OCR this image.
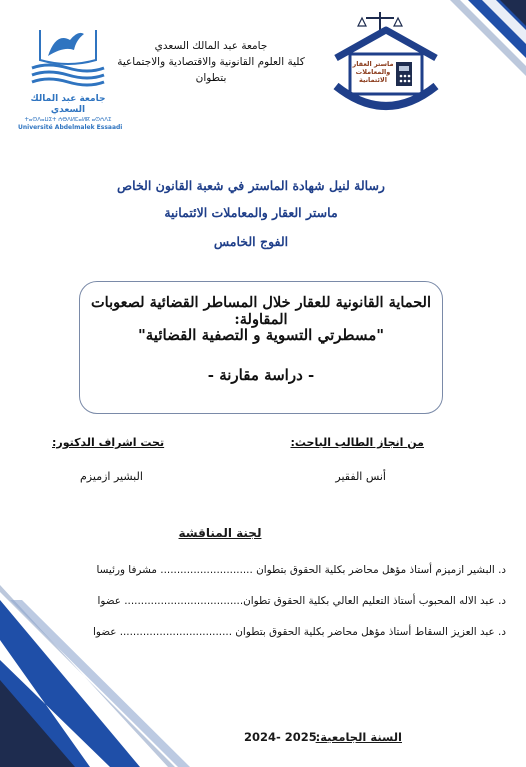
جامعة عبد المالك السعدي
ⵜⴰⵙⴷⴰⵡⵉⵜ ⵄⴱⴷⵍⵎⴰⵍⴽ ⴰⵙⵄⴷⵉ
Université Abdelmalek Essaadi
جامعة عبد المالك السعدي
كلية العلوم القانونية والاقتصادية والاجتماعية
بتطوان
ماستر العقار والمعاملات الائتمانية
رسالة لنيل شهادة الماستر في شعبة القانون الخاص
ماستر العقار والمعاملات الائتمانية
الفوج الخامس
الحماية القانونية للعقار خلال المساطر القضائية لصعوبات المقاولة:
"مسطرتي التسوية و التصفية القضائية"
- دراسة مقارنة -
من انجاز الطالب الباحث:
أنس الفقير
تحت اشراف الدكتور:
البشير ازميزم
لجنة المناقشة
د. البشير ازميزم أستاذ مؤهل محاضر بكلية الحقوق بتطوان ............................ مشرفا ورئيسا
د. عبد الاله المحبوب أستاذ التعليم العالي بكلية الحقوق تطوان.................................... عضوا
د. عبد العزيز السقاط أستاذ مؤهل محاضر بكلية الحقوق بتطوان .................................. عضوا
السنة الجامعية:
2024- 2025
